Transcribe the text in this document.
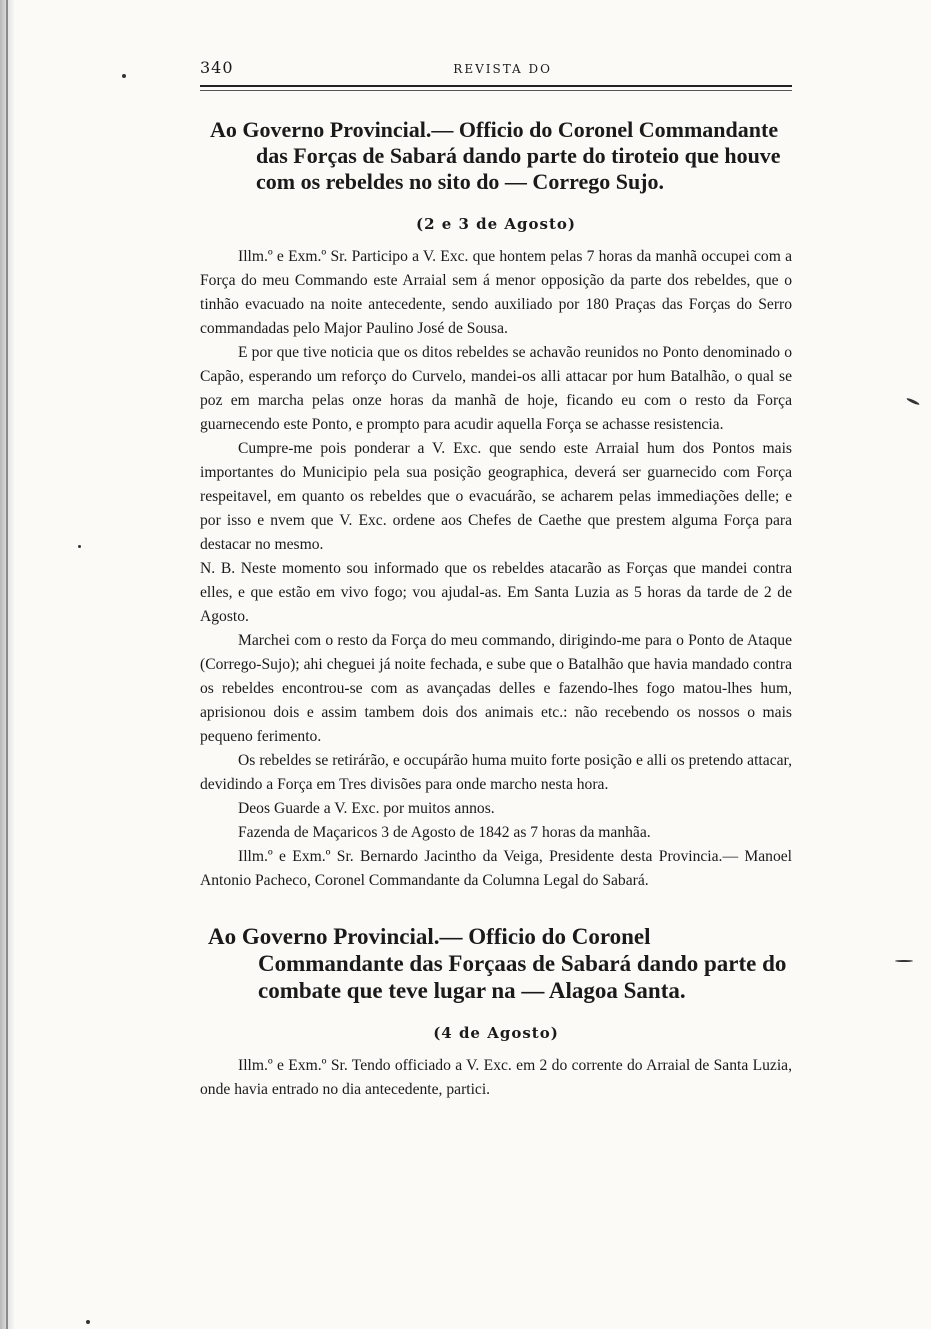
340	REVISTA DO
Ao Governo Provincial.— Officio do Coronel Commandante das Forças de Sabará dando parte do tiroteio que houve com os rebeldes no sito do — Corrego Sujo.
(2 e 3 de Agosto)

Illm.º e Exm.º Sr. Participo a V. Exc. que hontem pelas 7 horas da manhã occupei com a Força do meu Commando este Arraial sem á menor opposição da parte dos rebeldes, que o tinhão evacuado na noite antecedente, sendo auxiliado por 180 Praças das Forças do Serro commandadas pelo Major Paulino José de Sousa.

E por que tive noticia que os ditos rebeldes se achavão reunidos no Ponto denominado o Capão, esperando um reforço do Curvelo, mandei-os alli attacar por hum Batalhão, o qual se poz em marcha pelas onze horas da manhã de hoje, ficando eu com o resto da Força guarnecendo este Ponto, e prompto para acudir aquella Força se achasse resistencia.

Cumpre-me pois ponderar a V. Exc. que sendo este Arraial hum dos Pontos mais importantes do Municipio pela sua posição geographica, deverá ser guarnecido com Força respeitavel, em quanto os rebeldes que o evacuárão, se acharem pelas immediações delle; e por isso e nvem que V. Exc. ordene aos Chefes de Caethe que prestem alguma Força para destacar no mesmo.

N. B. Neste momento sou informado que os rebeldes atacarão as Forças que mandei contra elles, e que estão em vivo fogo; vou ajudal-as. Em Santa Luzia as 5 horas da tarde de 2 de Agosto.

Marchei com o resto da Força do meu commando, dirigindo-me para o Ponto de Ataque (Corrego-Sujo); ahi cheguei já noite fechada, e sube que o Batalhão que havia mandado contra os rebeldes encontrou-se com as avançadas delles e fazendo-lhes fogo matou-lhes hum, aprisionou dois e assim tambem dois dos animais etc.: não recebendo os nossos o mais pequeno ferimento.

Os rebeldes se retirárão, e occupárão huma muito forte posição e alli os pretendo attacar, devidindo a Força em Tres divisões para onde marcho nesta hora.

Deos Guarde a V. Exc. por muitos annos.

Fazenda de Maçaricos 3 de Agosto de 1842 as 7 horas da manhãa.

Illm.º e Exm.º Sr. Bernardo Jacintho da Veiga, Presidente desta Provincia.— Manoel Antonio Pacheco, Coronel Commandante da Columna Legal do Sabará.

Ao Governo Provincial.— Officio do Coronel Commandante das Forçaas de Sabará dando parte do combate que teve lugar na — Alagoa Santa.
(4 de Agosto)

Illm.º e Exm.º Sr. Tendo officiado a V. Exc. em 2 do corrente do Arraial de Santa Luzia, onde havia entrado no dia antecedente, partici.
